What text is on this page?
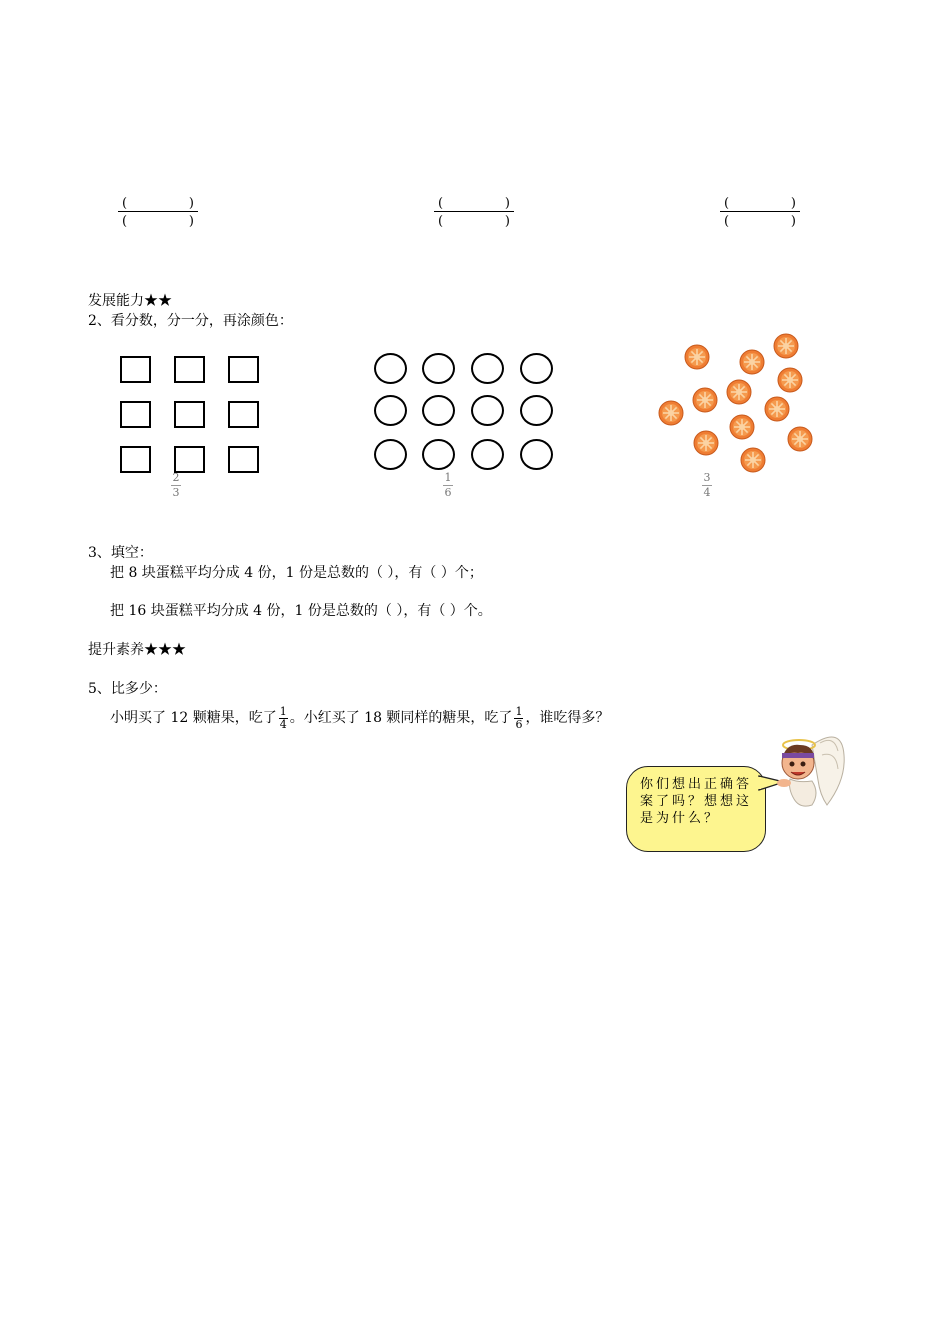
(	)
(	)
(	)
(	)
(	)
(	)
发展能力★★
2、看分数，分一分，再涂颜色：
2
3
1
6
3
4
3、填空：
把 8 块蛋糕平均分成 4 份，1 份是总数的（ ），有（ ）个；
把 16 块蛋糕平均分成 4 份，1 份是总数的（ ），有（ ）个。
提升素养★★★
5、比多少：
小明买了 12 颗糖果，吃了 $\frac{1}{4}$ 。小红买了 18 颗同样的糖果，吃了 $\frac{1}{6}$ ，谁吃得多？
你们想出正确答案了吗？想想这是为什么？
